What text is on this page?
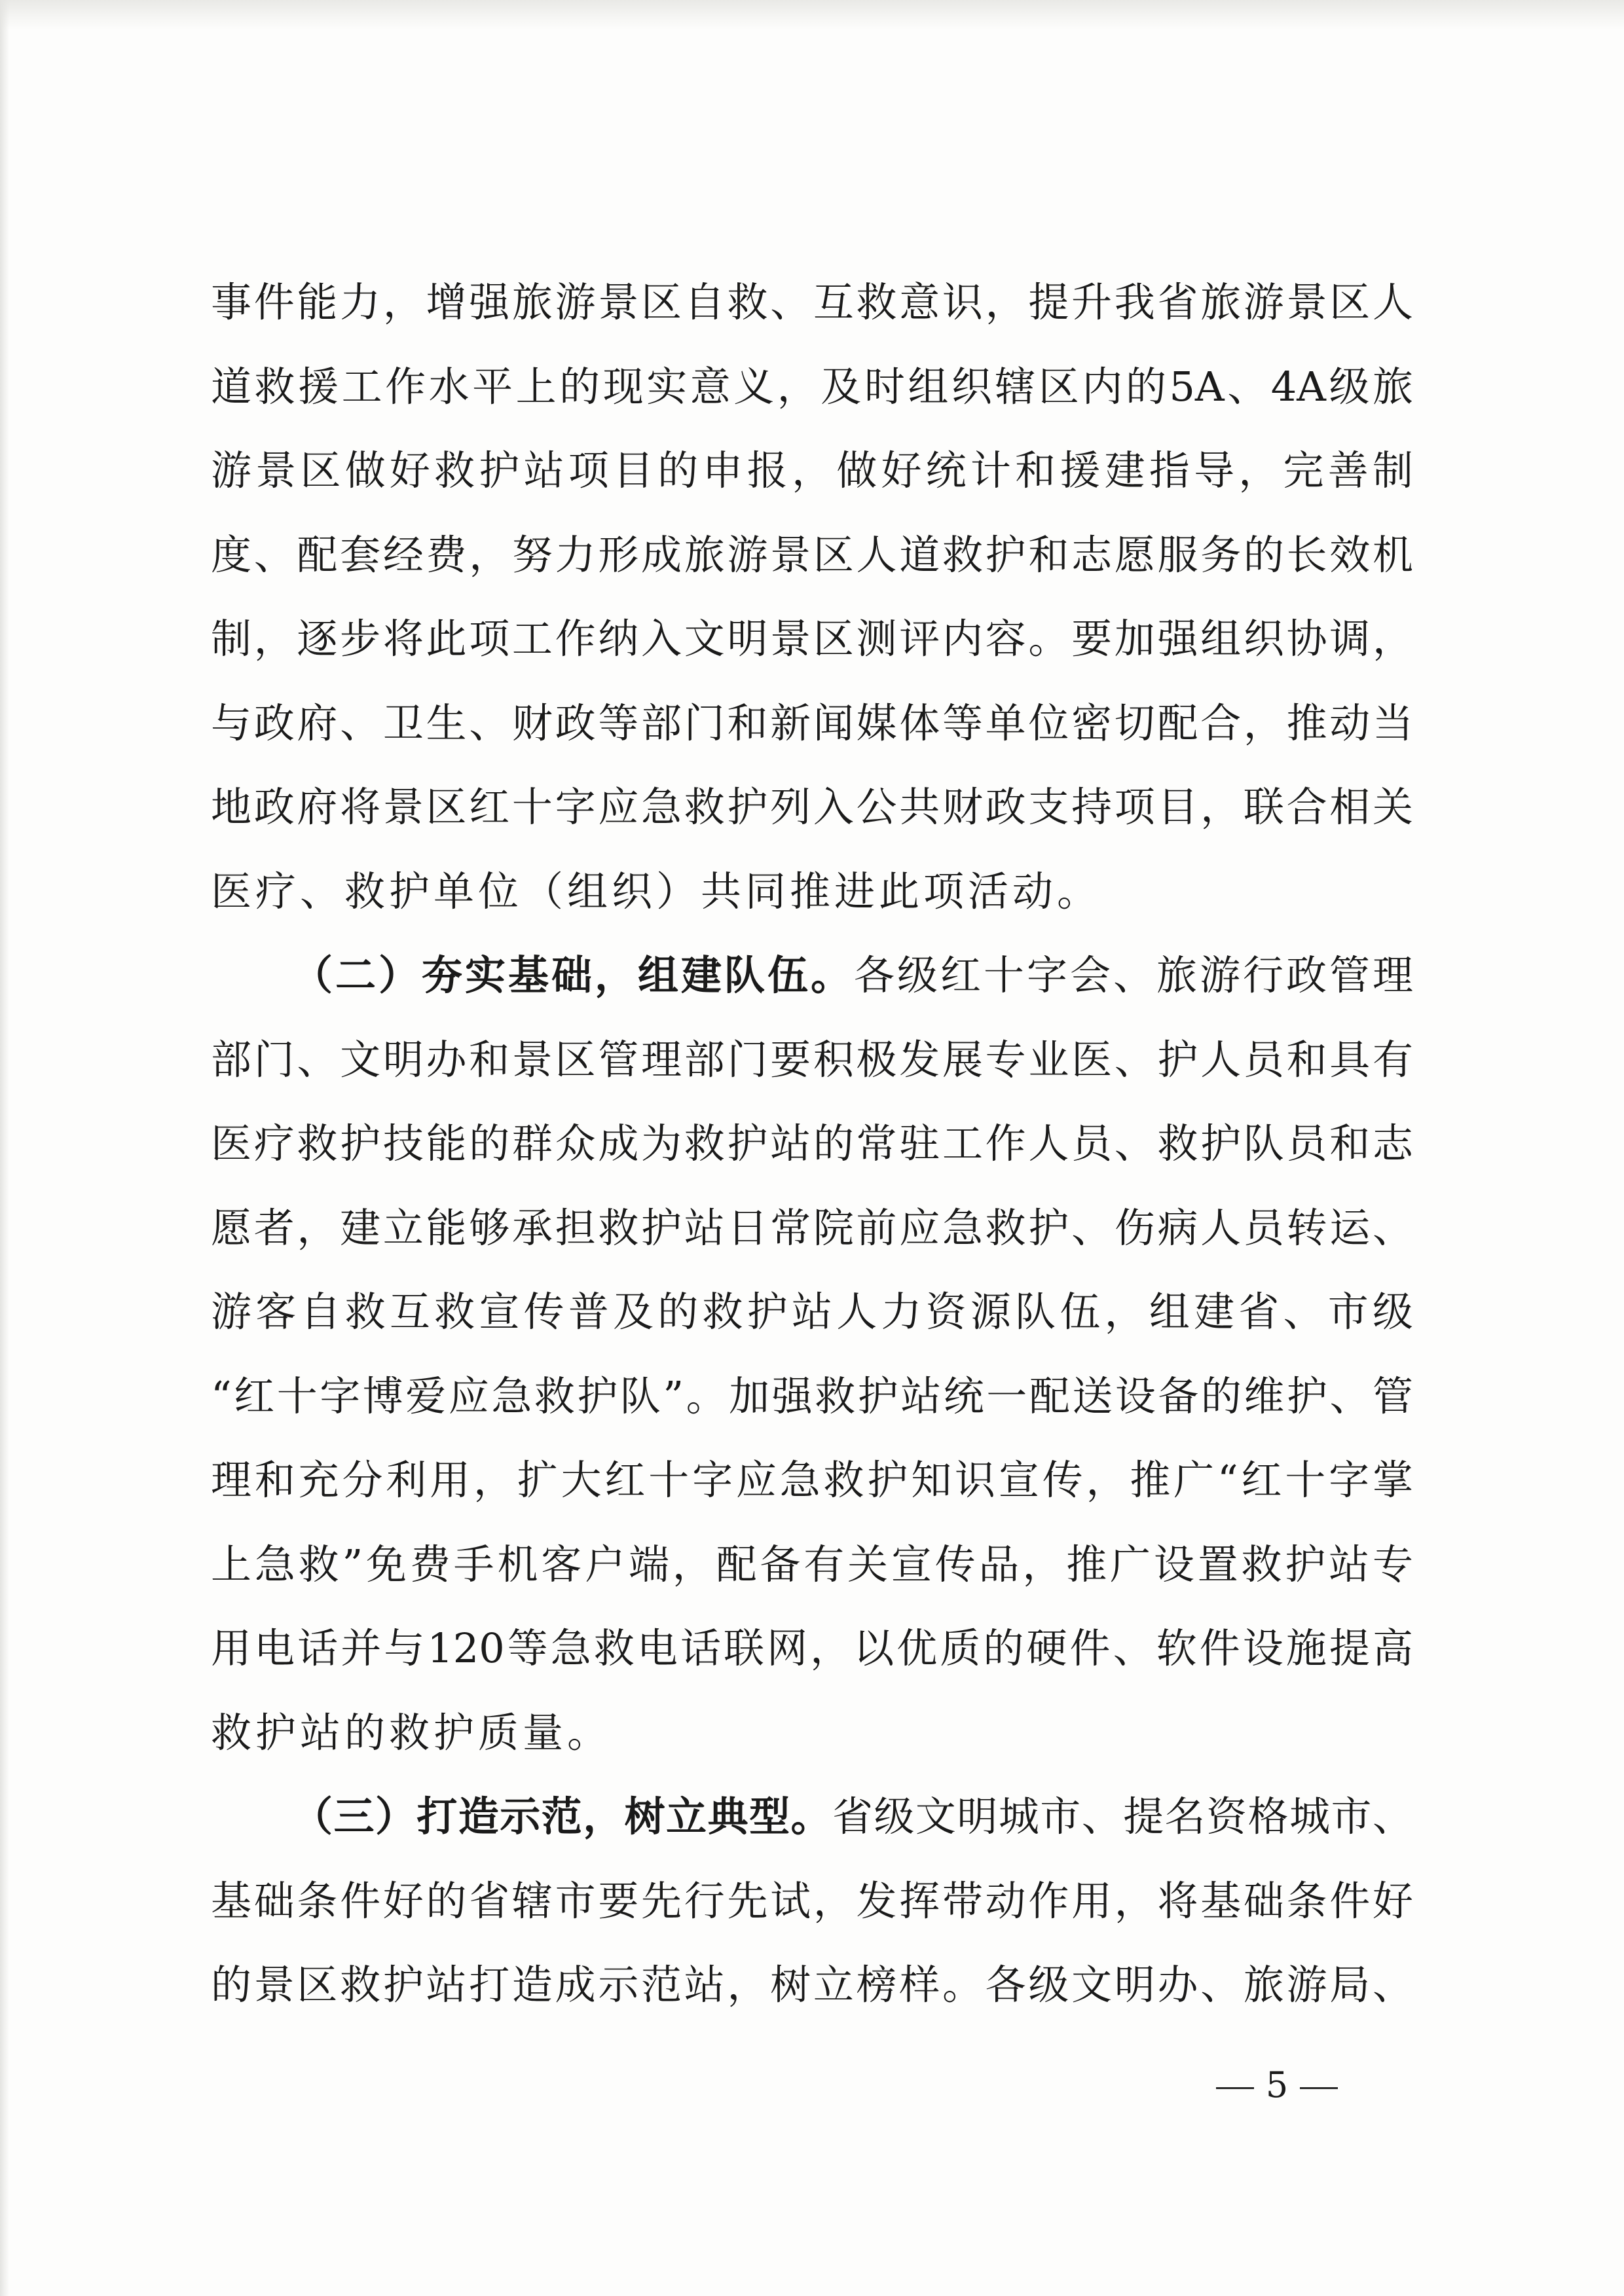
事件能力，增强旅游景区自救、互救意识，提升我省旅游景区人
道救援工作水平上的现实意义，及时组织辖区内的5A、4A级旅
游景区做好救护站项目的申报，做好统计和援建指导，完善制
度、配套经费，努力形成旅游景区人道救护和志愿服务的长效机
制，逐步将此项工作纳入文明景区测评内容。要加强组织协调，
与政府、卫生、财政等部门和新闻媒体等单位密切配合，推动当
地政府将景区红十字应急救护列入公共财政支持项目，联合相关
医疗、救护单位（组织）共同推进此项活动。
（二）夯实基础，组建队伍。各级红十字会、旅游行政管理
部门、文明办和景区管理部门要积极发展专业医、护人员和具有
医疗救护技能的群众成为救护站的常驻工作人员、救护队员和志
愿者，建立能够承担救护站日常院前应急救护、伤病人员转运、
游客自救互救宣传普及的救护站人力资源队伍，组建省、市级
“红十字博爱应急救护队”。加强救护站统一配送设备的维护、管
理和充分利用，扩大红十字应急救护知识宣传，推广“红十字掌
上急救”免费手机客户端，配备有关宣传品，推广设置救护站专
用电话并与120等急救电话联网，以优质的硬件、软件设施提高
救护站的救护质量。
（三）打造示范，树立典型。省级文明城市、提名资格城市、
基础条件好的省辖市要先行先试，发挥带动作用，将基础条件好
的景区救护站打造成示范站，树立榜样。各级文明办、旅游局、
5
